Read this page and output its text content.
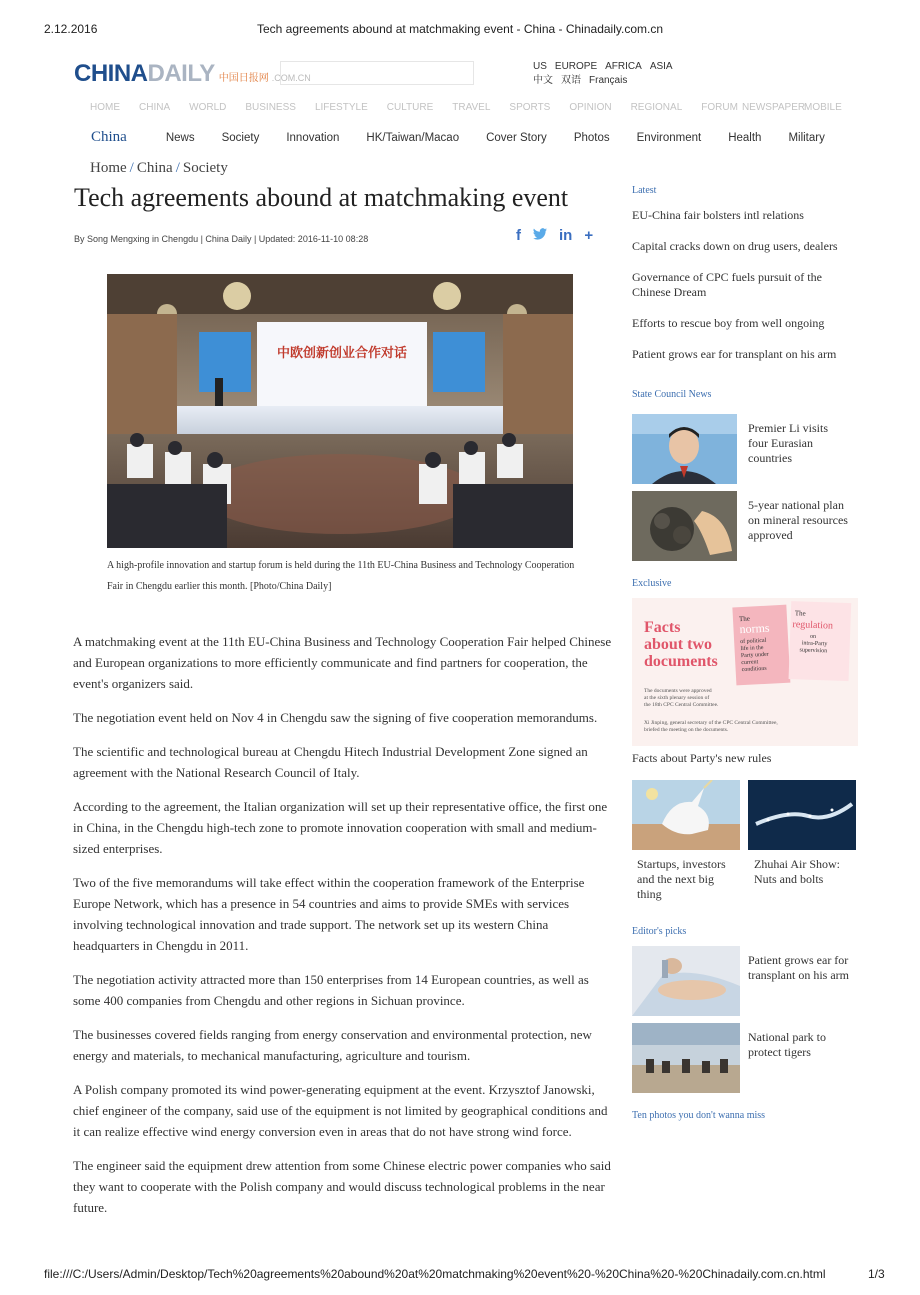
2.12.2016	Tech agreements abound at matchmaking event - China - Chinadaily.com.cn
CHINA DAILY 中国日报网 .COM.CN
US EUROPE AFRICA ASIA
中文 双语 Français
HOME CHINA WORLD BUSINESS LIFESTYLE CULTURE TRAVEL SPORTS OPINION REGIONAL FORUM NEWSPAPER
MOBILE
China	News Society Innovation HK/Taiwan/Macao Cover Story Photos Environment Health Military
Home / China / Society
Tech agreements abound at matchmaking event
By Song Mengxing in Chengdu | China Daily | Updated: 2016-11-10 08:28	f	in +
中欧创新创业合作对话
A high-profile innovation and startup forum is held during the 11th EU-China Business and Technology Cooperation Fair in Chengdu earlier this month. [Photo/China Daily]

A matchmaking event at the 11th EU-China Business and Technology Cooperation Fair helped Chinese and European organizations to more efficiently communicate and find partners for cooperation, the event's organizers said.

The negotiation event held on Nov 4 in Chengdu saw the signing of five cooperation memorandums.

The scientific and technological bureau at Chengdu Hitech Industrial Development Zone signed an agreement with the National Research Council of Italy.

According to the agreement, the Italian organization will set up their representative office, the first one in China, in the Chengdu high-tech zone to promote innovation cooperation with small and medium-sized enterprises.

Two of the five memorandums will take effect within the cooperation framework of the Enterprise Europe Network, which has a presence in 54 countries and aims to provide SMEs with services involving technological innovation and trade support. The network set up its western China headquarters in Chengdu in 2011.

The negotiation activity attracted more than 150 enterprises from 14 European countries, as well as some 400 companies from Chengdu and other regions in Sichuan province.

The businesses covered fields ranging from energy conservation and environmental protection, new energy and materials, to mechanical manufacturing, agriculture and tourism.

A Polish company promoted its wind power-generating equipment at the event. Krzysztof Janowski, chief engineer of the company, said use of the equipment is not limited by geographical conditions and it can realize effective wind energy conversion even in areas that do not have strong wind force.

The engineer said the equipment drew attention from some Chinese electric power companies who said they want to cooperate with the Polish company and would discuss technological problems in the near future.

Latest
EU-China fair bolsters intl relations
Capital cracks down on drug users, dealers
Governance of CPC fuels pursuit of the Chinese Dream
Efforts to rescue boy from well ongoing
Patient grows ear for transplant on his arm
State Council News
Premier Li visits four Eurasian countries
5-year national plan on mineral resources approved
Exclusive
Facts
about two
documents
The
norms
of political
life in the
Party under
current
conditions
The
regulation
on
intra-Party
supervision
The documents were approved
at the sixth plenary session of
the 18th CPC Central Committee.
Xi Jinping, general secretary of the CPC Central Committee,
briefed the meeting on the documents.
Facts about Party's new rules
Startups, investors and the next big thing
Zhuhai Air Show: Nuts and bolts
Editor's picks
Patient grows ear for transplant on his arm
National park to protect tigers
Ten photos you don't wanna miss
file:///C:/Users/Admin/Desktop/Tech%20agreements%20abound%20at%20matchmaking%20event%20-%20China%20-%20Chinadaily.com.cn.html	1/3
